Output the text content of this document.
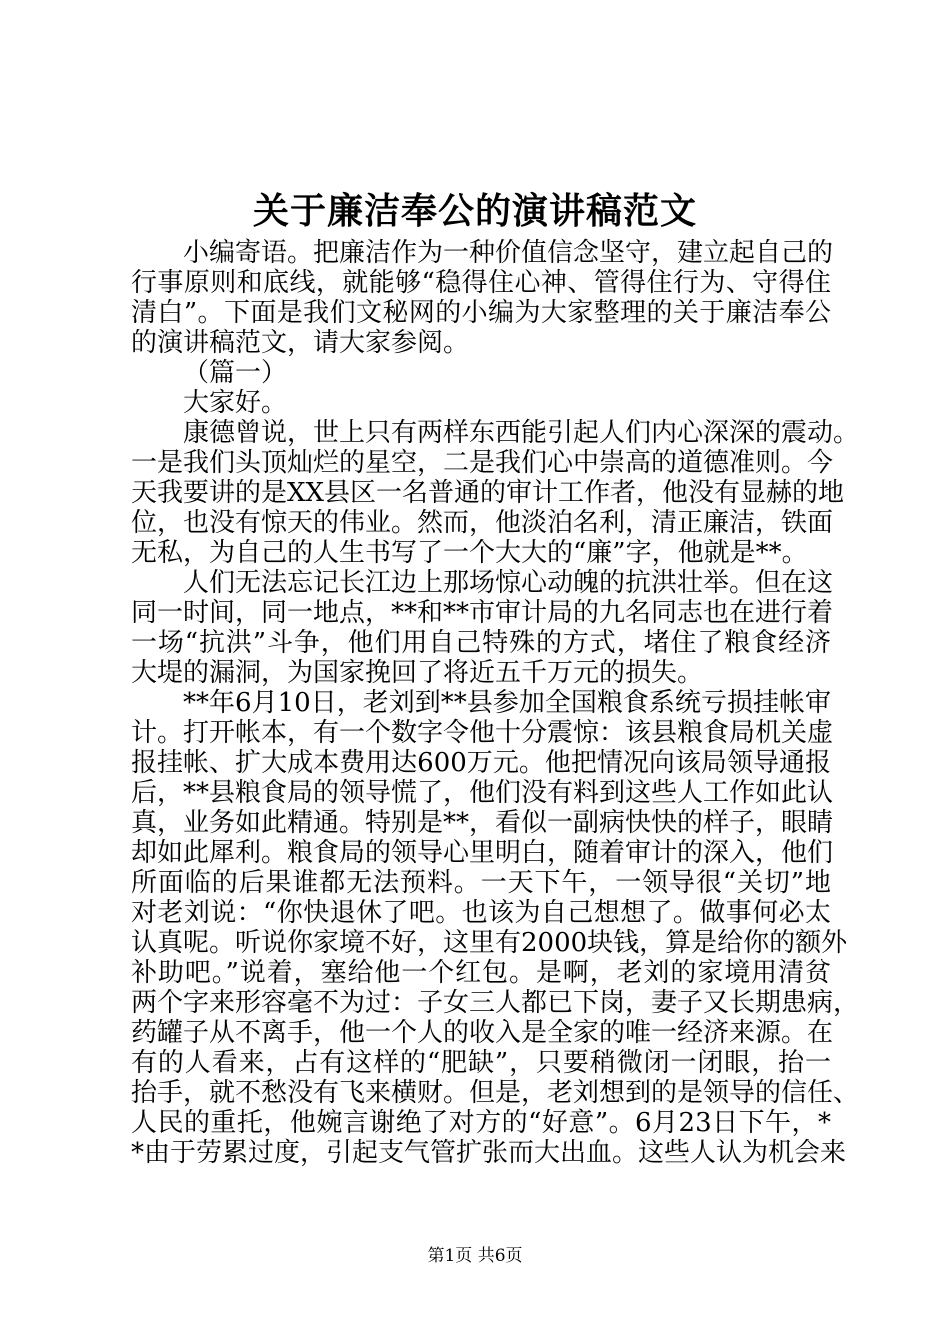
关于廉洁奉公的演讲稿范文
小编寄语。把廉洁作为一种价值信念坚守，建立起自己的
行事原则和底线，就能够“稳得住心神、管得住行为、守得住
清白”。下面是我们文秘网的小编为大家整理的关于廉洁奉公
的演讲稿范文，请大家参阅。
（篇一）
大家好。
康德曾说，世上只有两样东西能引起人们内心深深的震动。
一是我们头顶灿烂的星空，二是我们心中崇高的道德准则。今
天我要讲的是XX县区一名普通的审计工作者，他没有显赫的地
位，也没有惊天的伟业。然而，他淡泊名利，清正廉洁，铁面
无私，为自己的人生书写了一个大大的“廉”字，他就是**。
人们无法忘记长江边上那场惊心动魄的抗洪壮举。但在这
同一时间，同一地点，**和**市审计局的九名同志也在进行着
一场“抗洪”斗争，他们用自己特殊的方式，堵住了粮食经济
大堤的漏洞，为国家挽回了将近五千万元的损失。
**年6月10日，老刘到**县参加全国粮食系统亏损挂帐审
计。打开帐本，有一个数字令他十分震惊：该县粮食局机关虚
报挂帐、扩大成本费用达600万元。他把情况向该局领导通报
后，**县粮食局的领导慌了，他们没有料到这些人工作如此认
真，业务如此精通。特别是**，看似一副病快快的样子，眼睛
却如此犀利。粮食局的领导心里明白，随着审计的深入，他们
所面临的后果谁都无法预料。一天下午，一领导很“关切”地
对老刘说：“你快退休了吧。也该为自己想想了。做事何必太
认真呢。听说你家境不好，这里有2000块钱，算是给你的额外
补助吧。”说着，塞给他一个红包。是啊，老刘的家境用清贫
两个字来形容毫不为过：子女三人都已下岗，妻子又长期患病，
药罐子从不离手，他一个人的收入是全家的唯一经济来源。在
有的人看来，占有这样的“肥缺”，只要稍微闭一闭眼，抬一
抬手，就不愁没有飞来横财。但是，老刘想到的是领导的信任、
人民的重托，他婉言谢绝了对方的“好意”。6月23日下午，*
*由于劳累过度，引起支气管扩张而大出血。这些人认为机会来
第1页 共6页
